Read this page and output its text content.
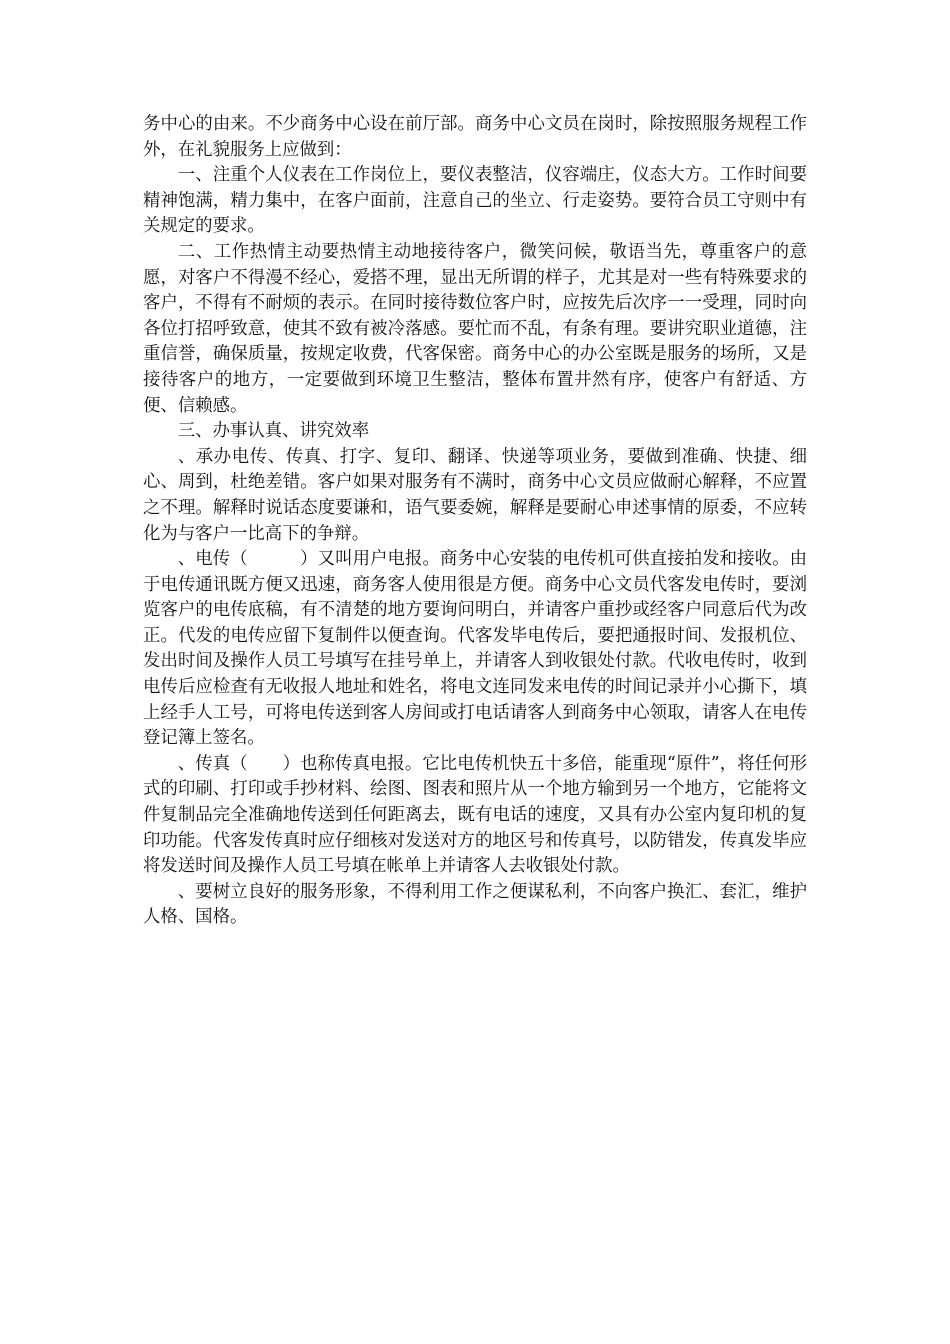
务中心的由来。不少商务中心设在前厅部。商务中心文员在岗时，除按照服务规程工作外，在礼貌服务上应做到：

一、注重个人仪表在工作岗位上，要仪表整洁，仪容端庄，仪态大方。工作时间要精神饱满，精力集中，在客户面前，注意自己的坐立、行走姿势。要符合员工守则中有关规定的要求。

二、工作热情主动要热情主动地接待客户，微笑问候，敬语当先，尊重客户的意愿，对客户不得漫不经心，爱搭不理，显出无所谓的样子，尤其是对一些有特殊要求的客户，不得有不耐烦的表示。在同时接待数位客户时，应按先后次序一一受理，同时向各位打招呼致意，使其不致有被冷落感。要忙而不乱，有条有理。要讲究职业道德，注重信誉，确保质量，按规定收费，代客保密。商务中心的办公室既是服务的场所，又是接待客户的地方，一定要做到环境卫生整洁，整体布置井然有序，使客户有舒适、方便、信赖感。

三、办事认真、讲究效率

、承办电传、传真、打字、复印、翻译、快递等项业务，要做到准确、快捷、细心、周到，杜绝差错。客户如果对服务有不满时，商务中心文员应做耐心解释，不应置之不理。解释时说话态度要谦和，语气要委婉，解释是要耐心申述事情的原委，不应转化为与客户一比高下的争辩。

、电传（　　　）又叫用户电报。商务中心安装的电传机可供直接拍发和接收。由于电传通讯既方便又迅速，商务客人使用很是方便。商务中心文员代客发电传时，要浏览客户的电传底稿，有不清楚的地方要询问明白，并请客户重抄或经客户同意后代为改正。代发的电传应留下复制件以便查询。代客发毕电传后，要把通报时间、发报机位、发出时间及操作人员工号填写在挂号单上，并请客人到收银处付款。代收电传时，收到电传后应检查有无收报人地址和姓名，将电文连同发来电传的时间记录并小心撕下，填上经手人工号，可将电传送到客人房间或打电话请客人到商务中心领取，请客人在电传登记簿上签名。

、传真（　　）也称传真电报。它比电传机快五十多倍，能重现“原件”，将任何形式的印刷、打印或手抄材料、绘图、图表和照片从一个地方输到另一个地方，它能将文件复制品完全准确地传送到任何距离去，既有电话的速度，又具有办公室内复印机的复印功能。代客发传真时应仔细核对发送对方的地区号和传真号，以防错发，传真发毕应将发送时间及操作人员工号填在帐单上并请客人去收银处付款。

、要树立良好的服务形象，不得利用工作之便谋私利，不向客户换汇、套汇，维护人格、国格。
